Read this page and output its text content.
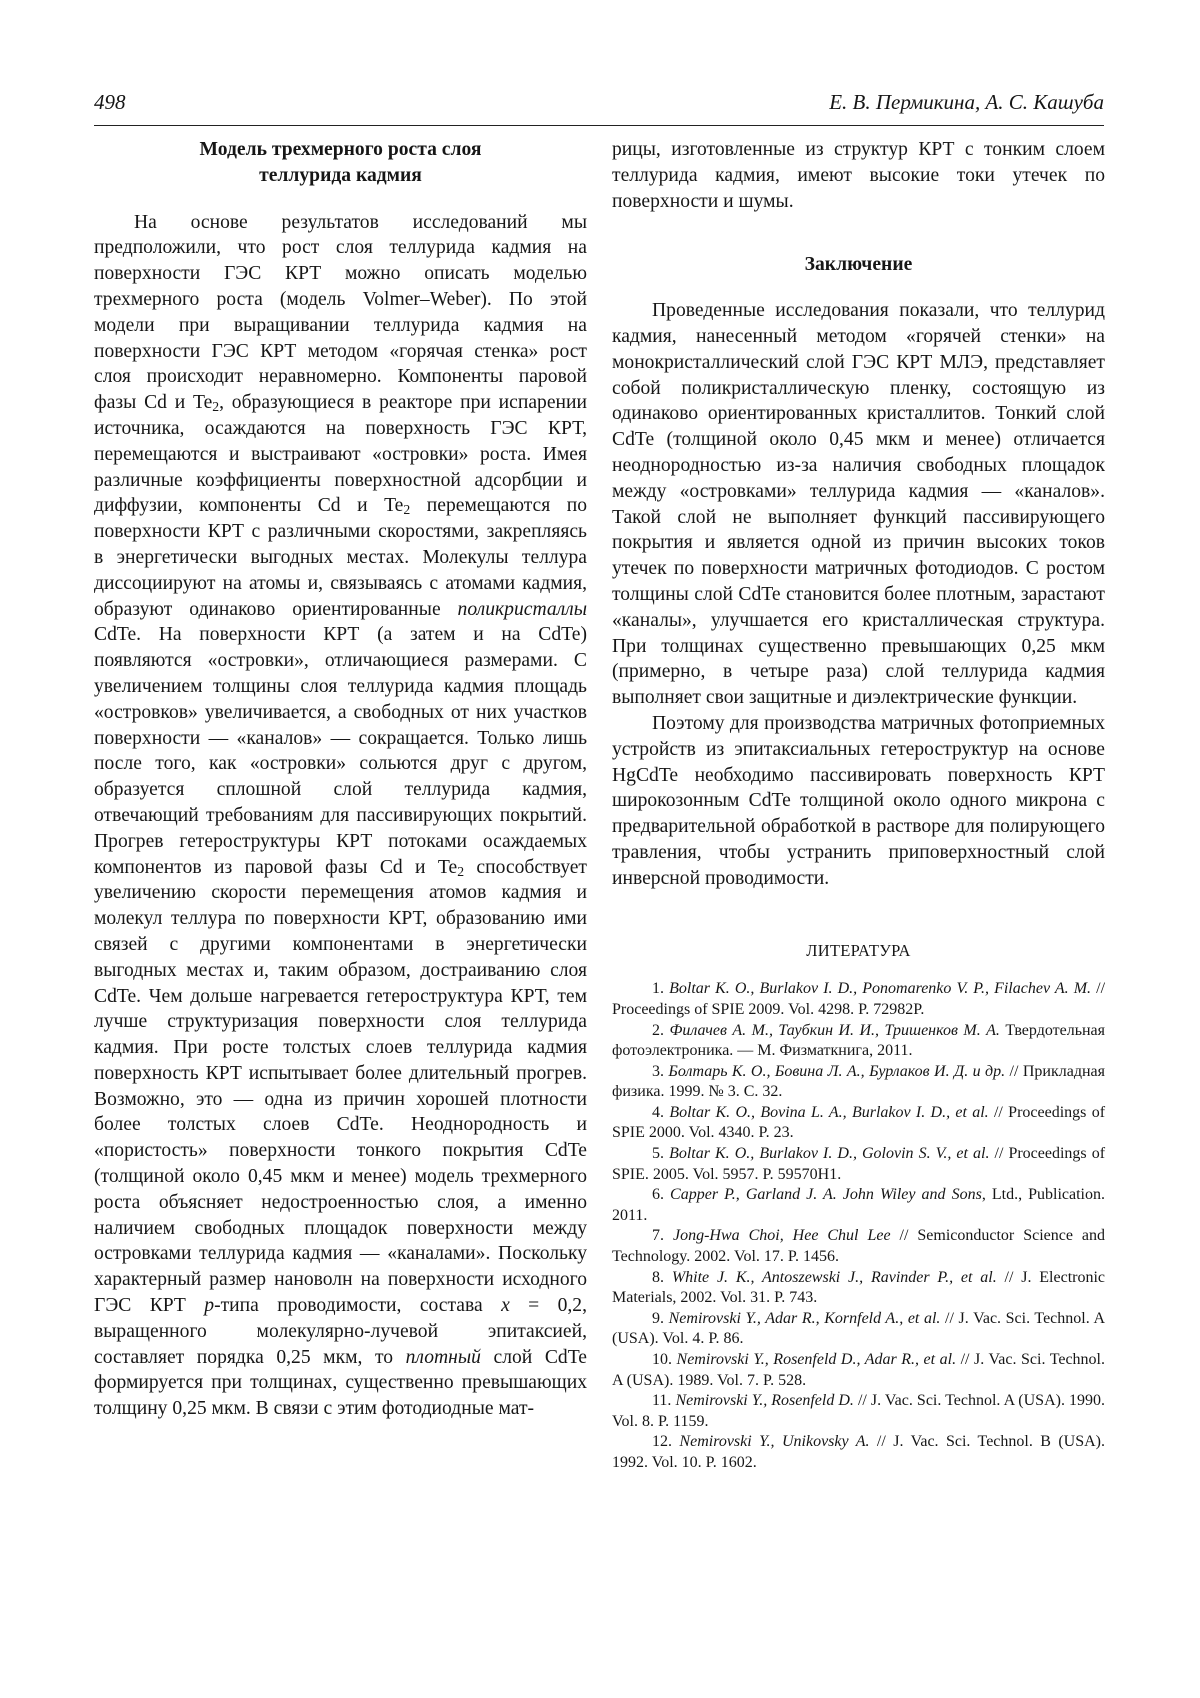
498	Е. В. Пермикина, А. С. Кашуба
Модель трехмерного роста слоя
теллурида кадмия

На основе результатов исследований мы предположили, что рост слоя теллурида кадмия на поверхности ГЭС КРТ можно описать моделью трехмерного роста (модель Volmer–Weber). По этой модели при выращивании теллурида кадмия на поверхности ГЭС КРТ методом «горячая стенка» рост слоя происходит неравномерно. Компоненты паровой фазы Cd и $Te_2$, образующиеся в реакторе при испарении источника, осаждаются на поверхность ГЭС КРТ, перемещаются и выстраивают «островки» роста. Имея различные коэффициенты поверхностной адсорбции и диффузии, компоненты Cd и $Te_2$ перемещаются по поверхности КРТ с различными скоростями, закрепляясь в энергетически выгодных местах. Молекулы теллура диссоциируют на атомы и, связываясь с атомами кадмия, образуют одинаково ориентированные поликристаллы CdTe. На поверхности КРТ (а затем и на CdTe) появляются «островки», отличающиеся размерами. С увеличением толщины слоя теллурида кадмия площадь «островков» увеличивается, а свободных от них участков поверхности — «каналов» — сокращается. Только лишь после того, как «островки» сольются друг с другом, образуется сплошной слой теллурида кадмия, отвечающий требованиям для пассивирующих покрытий. Прогрев гетероструктуры КРТ потоками осаждаемых компонентов из паровой фазы Cd и $Te_2$ способствует увеличению скорости перемещения атомов кадмия и молекул теллура по поверхности КРТ, образованию ими связей с другими компонентами в энергетически выгодных местах и, таким образом, достраиванию слоя CdTe. Чем дольше нагревается гетероструктура КРТ, тем лучше структуризация поверхности слоя теллурида кадмия. При росте толстых слоев теллурида кадмия поверхность КРТ испытывает более длительный прогрев. Возможно, это — одна из причин хорошей плотности более толстых слоев CdTe. Неоднородность и «пористость» поверхности тонкого покрытия CdTe (толщиной около 0,45 мкм и менее) модель трехмерного роста объясняет недостроенностью слоя, а именно наличием свободных площадок поверхности между островками теллурида кадмия — «каналами». Поскольку характерный размер нановолн на поверхности исходного ГЭС КРТ p-типа проводимости, состава x = 0,2, выращенного молекулярно-лучевой эпитаксией, составляет порядка 0,25 мкм, то плотный слой CdTe формируется при толщинах, существенно превышающих толщину 0,25 мкм. В связи с этим фотодиодные мат-

рицы, изготовленные из структур КРТ с тонким слоем теллурида кадмия, имеют высокие токи утечек по поверхности и шумы.

Заключение

Проведенные исследования показали, что теллурид кадмия, нанесенный методом «горячей стенки» на монокристаллический слой ГЭС КРТ МЛЭ, представляет собой поликристаллическую пленку, состоящую из одинаково ориентированных кристаллитов. Тонкий слой CdTe (толщиной около 0,45 мкм и менее) отличается неоднородностью из-за наличия свободных площадок между «островками» теллурида кадмия — «каналов». Такой слой не выполняет функций пассивирующего покрытия и является одной из причин высоких токов утечек по поверхности матричных фотодиодов. С ростом толщины слой CdTe становится более плотным, зарастают «каналы», улучшается его кристаллическая структура. При толщинах существенно превышающих 0,25 мкм (примерно, в четыре раза) слой теллурида кадмия выполняет свои защитные и диэлектрические функции.

Поэтому для производства матричных фотоприемных устройств из эпитаксиальных гетероструктур на основе HgCdTe необходимо пассивировать поверхность КРТ широкозонным CdTe толщиной около одного микрона с предварительной обработкой в растворе для полирующего травления, чтобы устранить приповерхностный слой инверсной проводимости.

ЛИТЕРАТУРА

1. Boltar K. O., Burlakov I. D., Ponomarenko V. P., Filachev A. M. // Proceedings of SPIE 2009. Vol. 4298. P. 72982P.

2. Филачев А. М., Таубкин И. И., Тришенков М. А. Твердотельная фотоэлектроника. — М. Физматкнига, 2011.

3. Болтарь К. О., Бовина Л. А., Бурлаков И. Д. и др. // Прикладная физика. 1999. № 3. С. 32.

4. Boltar K. O., Bovina L. A., Burlakov I. D., et al. // Proceedings of SPIE 2000. Vol. 4340. P. 23.

5. Boltar K. O., Burlakov I. D., Golovin S. V., et al. // Proceedings of SPIE. 2005. Vol. 5957. P. 59570H1.

6. Capper P., Garland J. A. John Wiley and Sons, Ltd., Publication. 2011.

7. Jong-Hwa Choi, Hee Chul Lee // Semiconductor Science and Technology. 2002. Vol. 17. P. 1456.

8. White J. K., Antoszewski J., Ravinder P., et al. // J. Electronic Materials, 2002. Vol. 31. P. 743.

9. Nemirovski Y., Adar R., Kornfeld A., et al. // J. Vac. Sci. Technol. A (USA). Vol. 4. P. 86.

10. Nemirovski Y., Rosenfeld D., Adar R., et al. // J. Vac. Sci. Technol. A (USA). 1989. Vol. 7. P. 528.

11. Nemirovski Y., Rosenfeld D. // J. Vac. Sci. Technol. A (USA). 1990. Vol. 8. P. 1159.

12. Nemirovski Y., Unikovsky A. // J. Vac. Sci. Technol. B (USA). 1992. Vol. 10. P. 1602.
